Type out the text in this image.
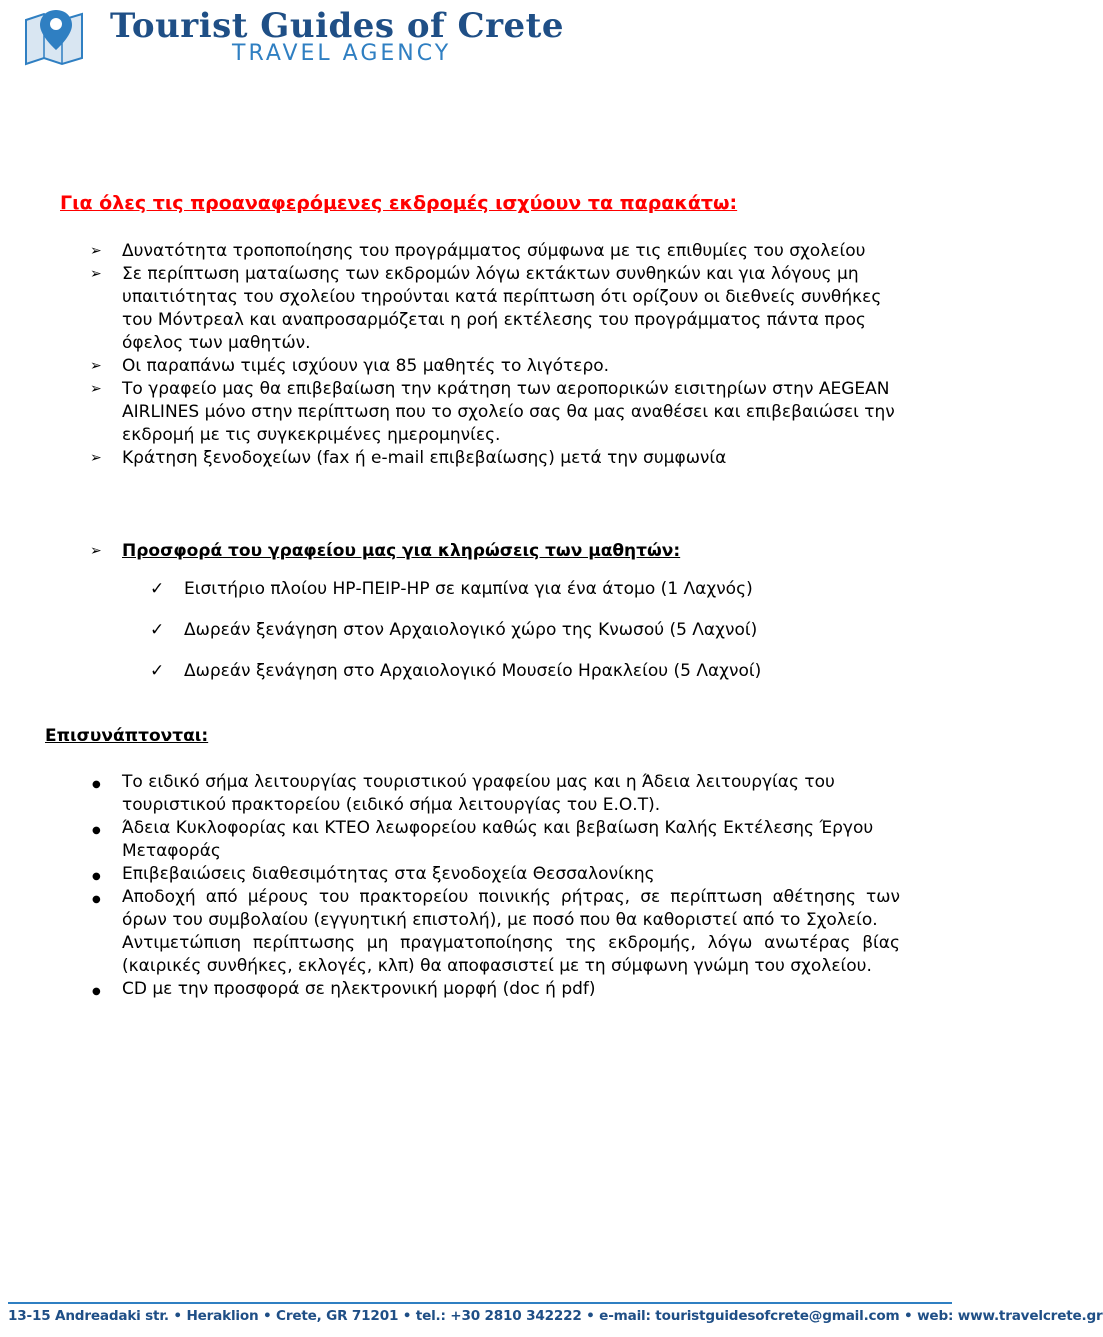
Tourist Guides of Crete
TRAVEL AGENCY
Για όλες τις προαναφερόμενες εκδρομές ισχύουν τα παρακάτω:
➢ Δυνατότητα τροποποίησης του προγράμματος σύμφωνα με τις επιθυμίες του σχολείου
➢ Σε περίπτωση ματαίωσης των εκδρομών λόγω εκτάκτων συνθηκών και για λόγους μη υπαιτιότητας του σχολείου τηρούνται κατά περίπτωση ότι ορίζουν οι διεθνείς συνθήκες του Μόντρεαλ και αναπροσαρμόζεται η ροή εκτέλεσης του προγράμματος πάντα προς όφελος των μαθητών.
➢ Οι παραπάνω τιμές ισχύουν για 85 μαθητές το λιγότερο.
➢ Το γραφείο μας θα επιβεβαίωση την κράτηση των αεροπορικών εισιτηρίων στην AEGEAN AIRLINES μόνο στην περίπτωση που το σχολείο σας θα μας αναθέσει και επιβεβαιώσει την εκδρομή με τις συγκεκριμένες ημερομηνίες.
➢ Κράτηση ξενοδοχείων (fax ή e-mail επιβεβαίωσης) μετά την συμφωνία
➢ Προσφορά του γραφείου μας για κληρώσεις των μαθητών:
✓ Εισιτήριο πλοίου ΗΡ-ΠΕΙΡ-ΗΡ σε καμπίνα για ένα άτομο (1 Λαχνός)
✓ Δωρεάν ξενάγηση στον Αρχαιολογικό χώρο της Κνωσού (5 Λαχνοί)
✓ Δωρεάν ξενάγηση στο Αρχαιολογικό Μουσείο Ηρακλείου (5 Λαχνοί)
Επισυνάπτονται:
● Το ειδικό σήμα λειτουργίας τουριστικού γραφείου μας και η Άδεια λειτουργίας του τουριστικού πρακτορείου (ειδικό σήμα λειτουργίας του Ε.Ο.Τ).
● Άδεια Κυκλοφορίας και ΚΤΕΟ λεωφορείου καθώς και βεβαίωση Καλής Εκτέλεσης Έργου Μεταφοράς
● Επιβεβαιώσεις διαθεσιμότητας στα ξενοδοχεία Θεσσαλονίκης
● Αποδοχή από μέρους του πρακτορείου ποινικής ρήτρας, σε περίπτωση αθέτησης των όρων του συμβολαίου (εγγυητική επιστολή), με ποσό που θα καθοριστεί από το Σχολείο.
Αντιμετώπιση περίπτωσης μη πραγματοποίησης της εκδρομής, λόγω ανωτέρας βίας (καιρικές συνθήκες, εκλογές, κλπ) θα αποφασιστεί με τη σύμφωνη γνώμη του σχολείου.
● CD με την προσφορά σε ηλεκτρονική μορφή (doc ή pdf)
13-15 Andreadaki str. • Heraklion • Crete, GR 71201 • tel.: +30 2810 342222 • e-mail: touristguidesofcrete@gmail.com • web: www.travelcrete.gr
